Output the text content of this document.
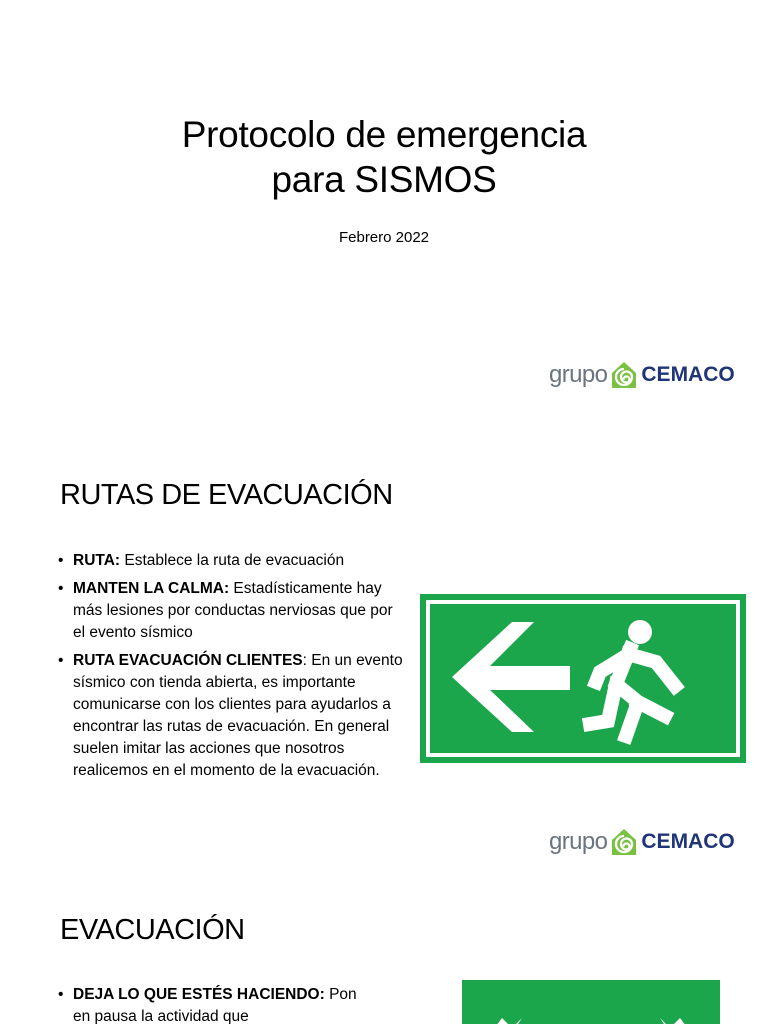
Protocolo de emergencia
para SISMOS
Febrero 2022
grupo CEMACO
RUTAS DE EVACUACIÓN
• RUTA: Establece la ruta de evacuación
• MANTEN LA CALMA: Estadísticamente hay más lesiones por conductas nerviosas que por el evento sísmico
• RUTA EVACUACIÓN CLIENTES: En un evento sísmico con tienda abierta, es importante comunicarse con los clientes para ayudarlos a encontrar las rutas de evacuación. En general suelen imitar las acciones que nosotros realicemos en el momento de la evacuación.
grupo CEMACO
EVACUACIÓN
• DEJA LO QUE ESTÉS HACIENDO: Pon en pausa la actividad que
